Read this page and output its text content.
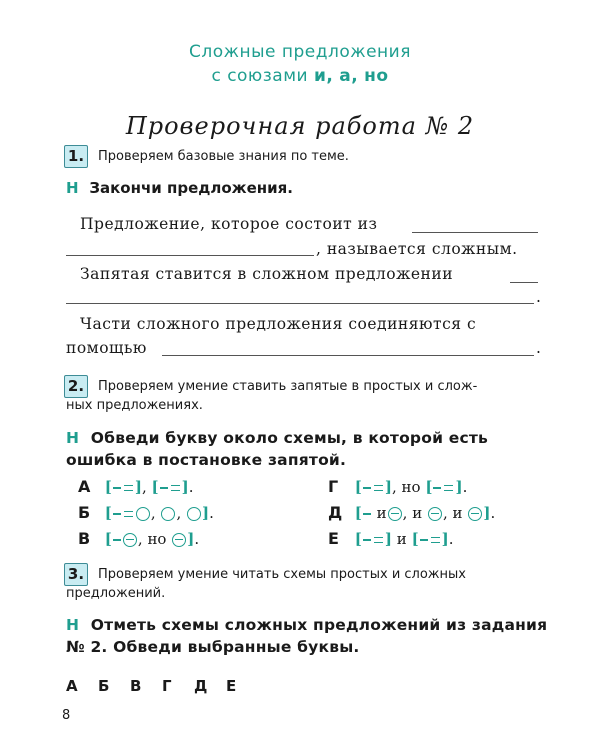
Сложные предложения
с союзами и, а, но
Проверочная работа № 2
1.	Проверяем базовые знания по теме.
Н Закончи предложения.
Предложение, которое состоит из
, называется сложным.
Запятая ставится в сложном предложении
.
Части сложного предложения соединяются с
помощью	.
2.	Проверяем умение ставить запятые в простых и слож-
ных предложениях.
Н Обведи букву около схемы, в которой есть
ошибка в постановке запятой.
А [ ], [ ].
Б [	, , ].
В [ , но ].
Г [ ], но [ ].
Д [ и , и , и ].
Е [ ] и [ ].
3.	Проверяем умение читать схемы простых и сложных
предложений.
Н Отметь схемы сложных предложений из задания
№ 2. Обведи выбранные буквы.
А Б В Г Д Е
8
